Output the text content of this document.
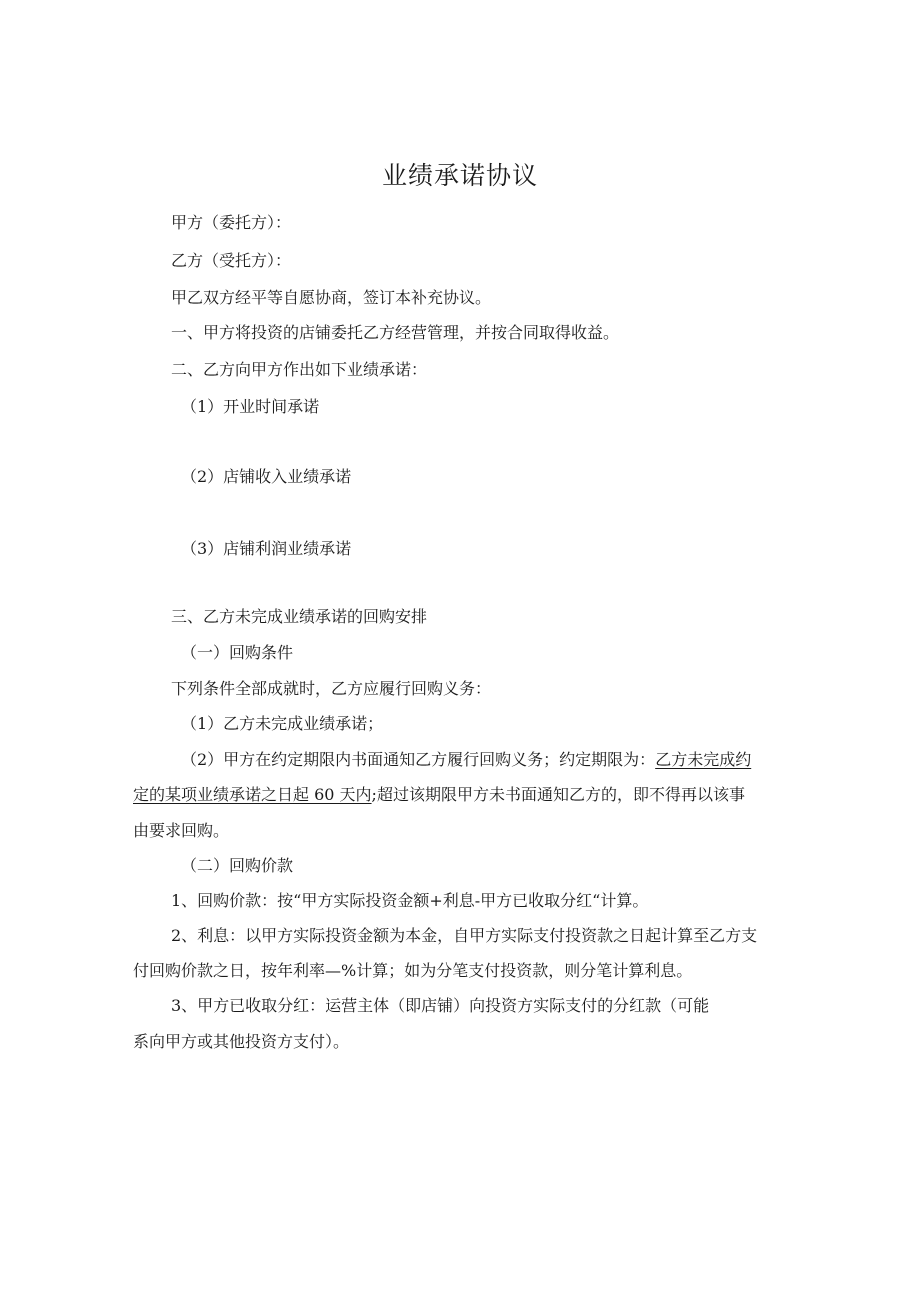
业绩承诺协议

甲方（委托方）：

乙方（受托方）：

甲乙双方经平等自愿协商，签订本补充协议。

一、甲方将投资的店铺委托乙方经营管理，并按合同取得收益。

二、乙方向甲方作出如下业绩承诺：

（1）开业时间承诺

（2）店铺收入业绩承诺

（3）店铺利润业绩承诺

三、乙方未完成业绩承诺的回购安排

（一）回购条件

下列条件全部成就时，乙方应履行回购义务：

（1）乙方未完成业绩承诺；

（2）甲方在约定期限内书面通知乙方履行回购义务；约定期限为：乙方未完成约

定的某项业绩承诺之日起 60 天内;超过该期限甲方未书面通知乙方的，即不得再以该事

由要求回购。

（二）回购价款

1、回购价款：按“甲方实际投资金额+利息-甲方已收取分红“计算。

2、利息：以甲方实际投资金额为本金，自甲方实际支付投资款之日起计算至乙方支

付回购价款之日，按年利率—%计算；如为分笔支付投资款，则分笔计算利息。

3、甲方已收取分红：运营主体（即店铺）向投资方实际支付的分红款（可能

系向甲方或其他投资方支付）。
